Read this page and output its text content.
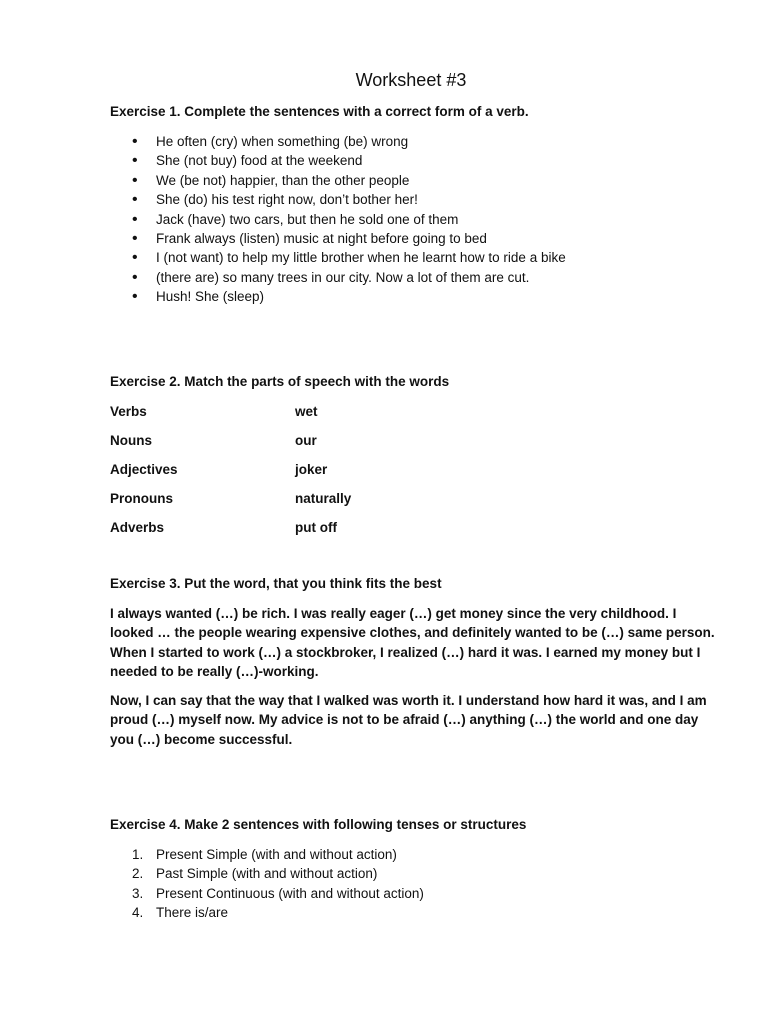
Worksheet #3
Exercise 1. Complete the sentences with a correct form of a verb.
• He often (cry) when something (be) wrong
• She (not buy) food at the weekend
• We (be not) happier, than the other people
• She (do) his test right now, don’t bother her!
• Jack (have) two cars, but then he sold one of them
• Frank always (listen) music at night before going to bed
• I (not want) to help my little brother when he learnt how to ride a bike
• (there are) so many trees in our city. Now a lot of them are cut.
• Hush! She (sleep)
Exercise 2. Match the parts of speech with the words
Verbs	wet
Nouns	our
Adjectives	joker
Pronouns	naturally
Adverbs	put off
Exercise 3. Put the word, that you think fits the best

I always wanted (…) be rich. I was really eager (…) get money since the very childhood. I looked … the people wearing expensive clothes, and definitely wanted to be (…) same person. When I started to work (…) a stockbroker, I realized (…) hard it was. I earned my money but I needed to be really (…)-working.

Now, I can say that the way that I walked was worth it. I understand how hard it was, and I am proud (…) myself now. My advice is not to be afraid (…) anything (…) the world and one day you (…) become successful.

Exercise 4. Make 2 sentences with following tenses or structures
1. Present Simple (with and without action)
2. Past Simple (with and without action)
3. Present Continuous (with and without action)
4. There is/are
